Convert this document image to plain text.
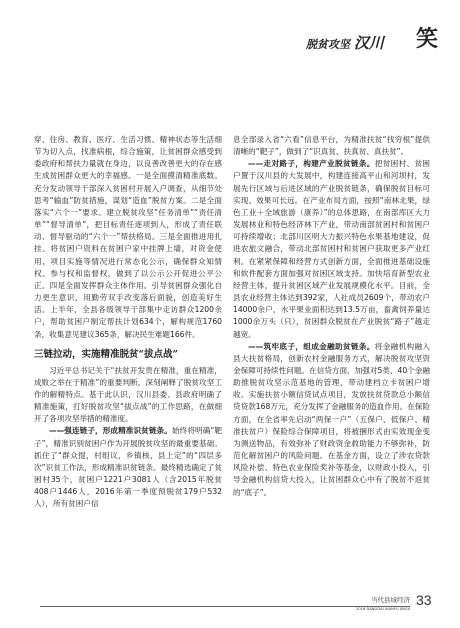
脱贫攻坚 汉川 笑

穿、住房、教育、医疗、生活习惯、精神状态等生活细节为切入点，找准病根，综合施策，让贫困群众感受到委政府和帮扶力量就在身边，以良善改善更大的存在感生成贫困群众更大的幸福感。一是全面摸清精准底数。充分发动领导干部深入贫困村开展入户调查，从细节处思考“输血”防贫措施，谋划“造血”脱贫方案。二是全面落实“六个一”要求。建立脱贫攻坚“任务清单”“责任清单”“督导清单”，把目标责任逐项到人，形成了责任联动、督导驱动的“六个一”帮扶格局。三是全面推进用扎挂。将贫困户资料在贫困户家中挂牌上墙，对资金使用、项目实施等情况进行常态化公示，确保群众知情权、参与权和监督权，做到了以公示公开促进公平公正。四是全面发挥群众主体作用。引导贫困群众强化自力更生意识，用勤劳双手改变落后面貌，创造美好生活。上半年，全县各级领导干部集中走访群众1200余户，帮助贫困户制定帮扶计划634个，解构规范1760条，收集意见建议365条，解决民生难题166件。

三链拉动，实施精准脱贫“拔点战”

习近平总书记关于“扶贫开发贵在精准，重在精准，成败之举在于精准”的重要判断，深刻阐释了脱贫攻坚工作的解精特点。基于此认识，汉川县委、县政府明确了精准施策，打好脱贫攻坚“拔点战”的工作思路，在做细开了各项攻坚举措的精准度。

——强连链子，形成精准识贫链条。始终将明确“靶子”，精准识别贫困户作为开展脱贫攻坚的最重要基础。抓住了“群众提，村组议，乡镇核，县上定”的“四层多次”识贫工作法，形成精准识贫链条。最终精选确定了贫困村35个，贫困户1221户3081人（含2015年脱贫408户1446人，2016年第一季度预脱贫179户532人），所有贫困户信

息全部录入省“六看”信息平台，为精准扶贫“找穷根”提供清晰的“靶子”，做到了“识真贫、扶真贫、真扶贫”。

——走对路子，构建产业脱贫链条。把贫困村、贫困户置于汉川县的大发展中，构建连接高平山和河坝村，发展先行区域与后进区域的产业脱贫链条，确保脱贫目标可实现、效果可长远。在产业布局方面，按照“南林北果，绿色工业＋全域旅游（康养）”的总体思路，在南部库区大力发展林业和特色经济林下产业，带动南部贫困村和贫困户可持续增收；北部川区明大力振兴特色水果基地建设，促进农旅文融合，带动北部贫困村和贫困户获取更多产业红利。在紧紧保障和经营方式创新方面，全面推进基础设施和软件配套方面加强对贫困区域支持。加快培育新型农业经营主体，提升贫困区域产业发展规模化水平。目前，全县农业经营主体达到392家，人社成员2609个，带动农户14000余户，水平果业面积达到13.5万亩，畜禽饲养量达1000余万头（只），贫困群众脱贫在产业脱贫“路子”越走越宽。

——筑牢底子，组成金融助贫链条。将金融机构融入县大扶贫格局，创新农村金融服务方式，解决脱贫攻坚资金保障可持续性问题。在信贷方面，加强对5类、40个金融助推脱贫攻坚示范基地的管理，带动建档立卡贫困户增收。实施扶贫小额信贷试点项目，发放扶贫贷款总小额信贷贷款168万元，充分发挥了金融服务的造血作用。在保险方面，在全省率先启动“两保一户”（五保户、低保户、精准扶贫户）保险综合保障项目，将被捆形式由实效现金变为测送物品，有效弥补了财政资金救助能力不够弥补，防范化解贫困户的风险问题。在基金方面，设立了涉农贷款风险补偿、特色农业保险奖补等基金，以财政小投入，引导金融机构信贷大投入，让贫困群众心中有了脱贫不返贫的“底子”。

当代县域经济
2016 DANGDAI XIANYU JINGJI
33
